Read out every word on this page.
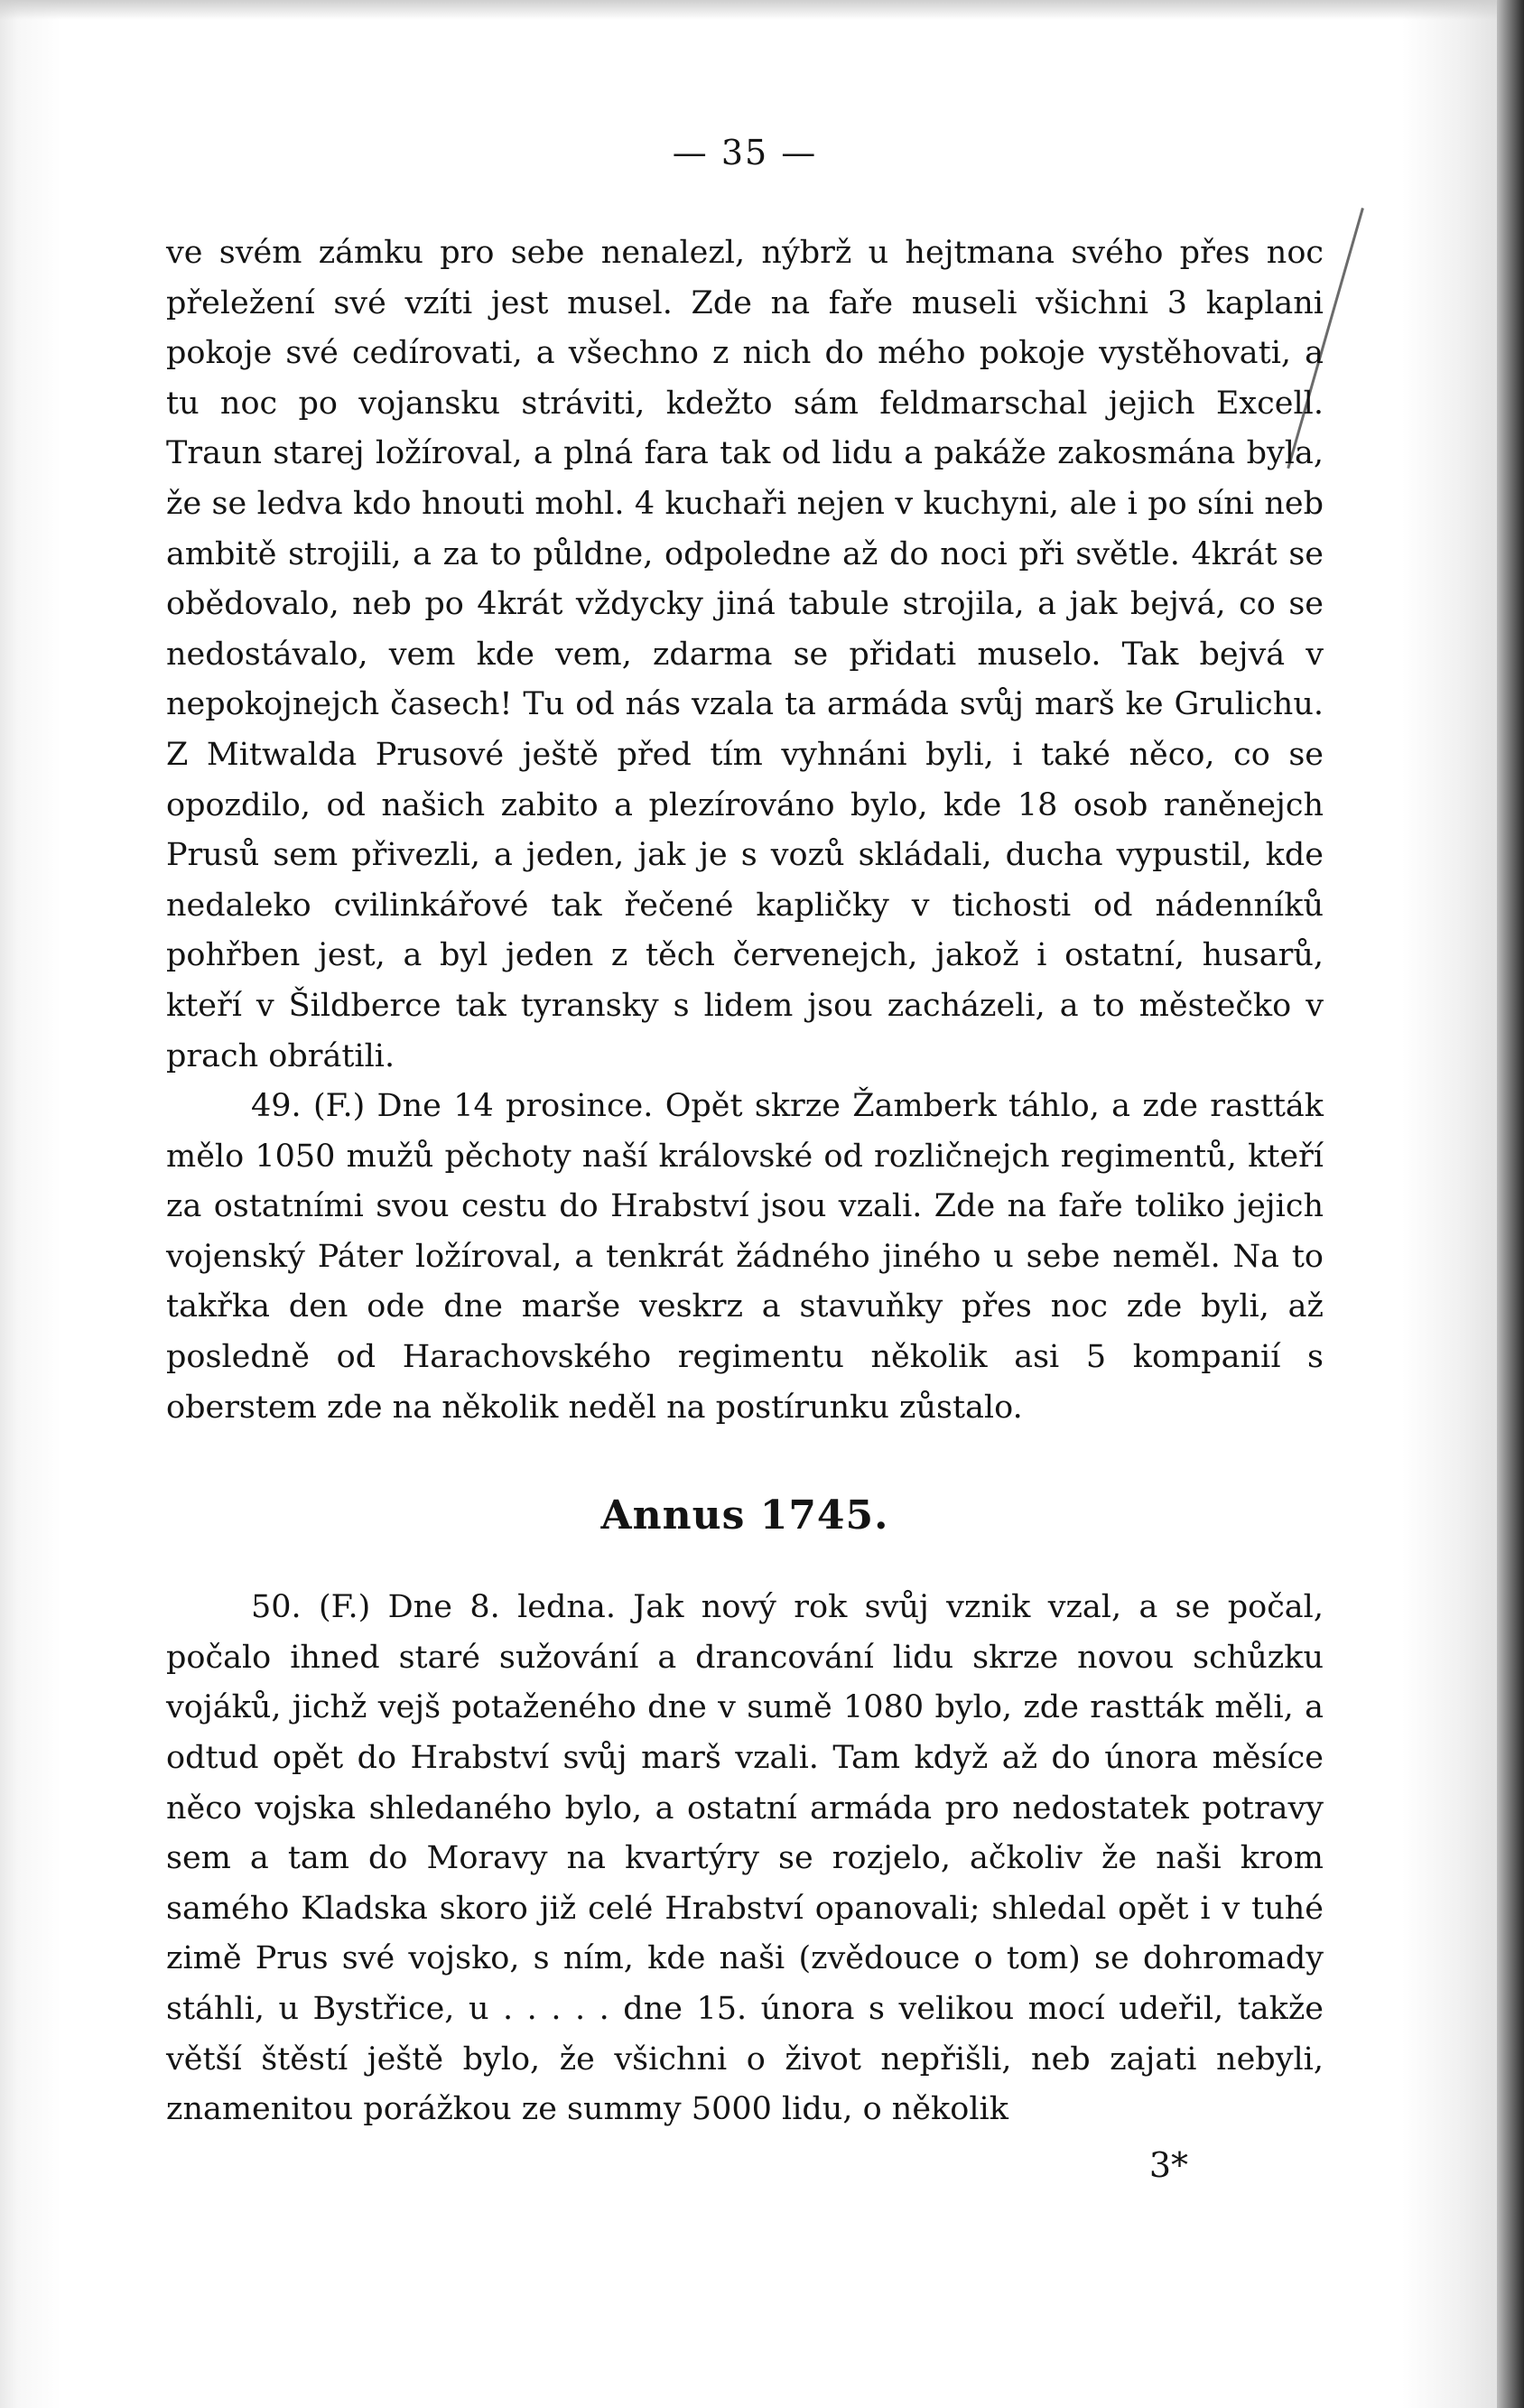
— 35 —

ve svém zámku pro sebe nenalezl, nýbrž u hejtmana svého přes noc přeležení své vzíti jest musel. Zde na faře museli všichni 3 kaplani pokoje své cedírovati, a všechno z nich do mého pokoje vystěhovati, a tu noc po vojansku stráviti, kdežto sám feldmarschal jejich Excell. Traun starej ložíroval, a plná fara tak od lidu a pakáže zakosmána byla, že se ledva kdo hnouti mohl. 4 kuchaři nejen v kuchyni, ale i po síni neb ambitě strojili, a za to půldne, odpoledne až do noci při světle. 4krát se obědovalo, neb po 4krát vždycky jiná tabule strojila, a jak bejvá, co se nedostávalo, vem kde vem, zdarma se přidati muselo. Tak bejvá v nepokojnejch časech! Tu od nás vzala ta armáda svůj marš ke Grulichu. Z Mitwalda Prusové ještě před tím vyhnáni byli, i také něco, co se opozdilo, od našich zabito a plezírováno bylo, kde 18 osob raněnejch Prusů sem přivezli, a jeden, jak je s vozů skládali, ducha vypustil, kde nedaleko cvilinkářové tak řečené kapličky v tichosti od nádenníků pohřben jest, a byl jeden z těch červenejch, jakož i ostatní, husarů, kteří v Šildberce tak tyransky s lidem jsou zacházeli, a to městečko v prach obrátili.

49. (F.) Dne 14 prosince. Opět skrze Žamberk táhlo, a zde rastták mělo 1050 mužů pěchoty naší královské od rozličnejch regimentů, kteří za ostatními svou cestu do Hrabství jsou vzali. Zde na faře toliko jejich vojenský Páter ložíroval, a tenkrát žádného jiného u sebe neměl. Na to takřka den ode dne marše veskrz a stavuňky přes noc zde byli, až posledně od Harachovského regimentu několik asi 5 kompanií s oberstem zde na několik neděl na postírunku zůstalo.

Annus 1745.

50. (F.) Dne 8. ledna. Jak nový rok svůj vznik vzal, a se počal, počalo ihned staré sužování a drancování lidu skrze novou schůzku vojáků, jichž vejš potaženého dne v sumě 1080 bylo, zde rastták měli, a odtud opět do Hrabství svůj marš vzali. Tam když až do února měsíce něco vojska shledaného bylo, a ostatní armáda pro nedostatek potravy sem a tam do Moravy na kvartýry se rozjelo, ačkoliv že naši krom samého Kladska skoro již celé Hrabství opanovali; shledal opět i v tuhé zimě Prus své vojsko, s ním, kde naši (zvědouce o tom) se dohromady stáhli, u Bystřice, u . . . . . dne 15. února s velikou mocí udeřil, takže větší štěstí ještě bylo, že všichni o život nepřišli, neb zajati nebyli, znamenitou porážkou ze summy 5000 lidu, o několik

3*
